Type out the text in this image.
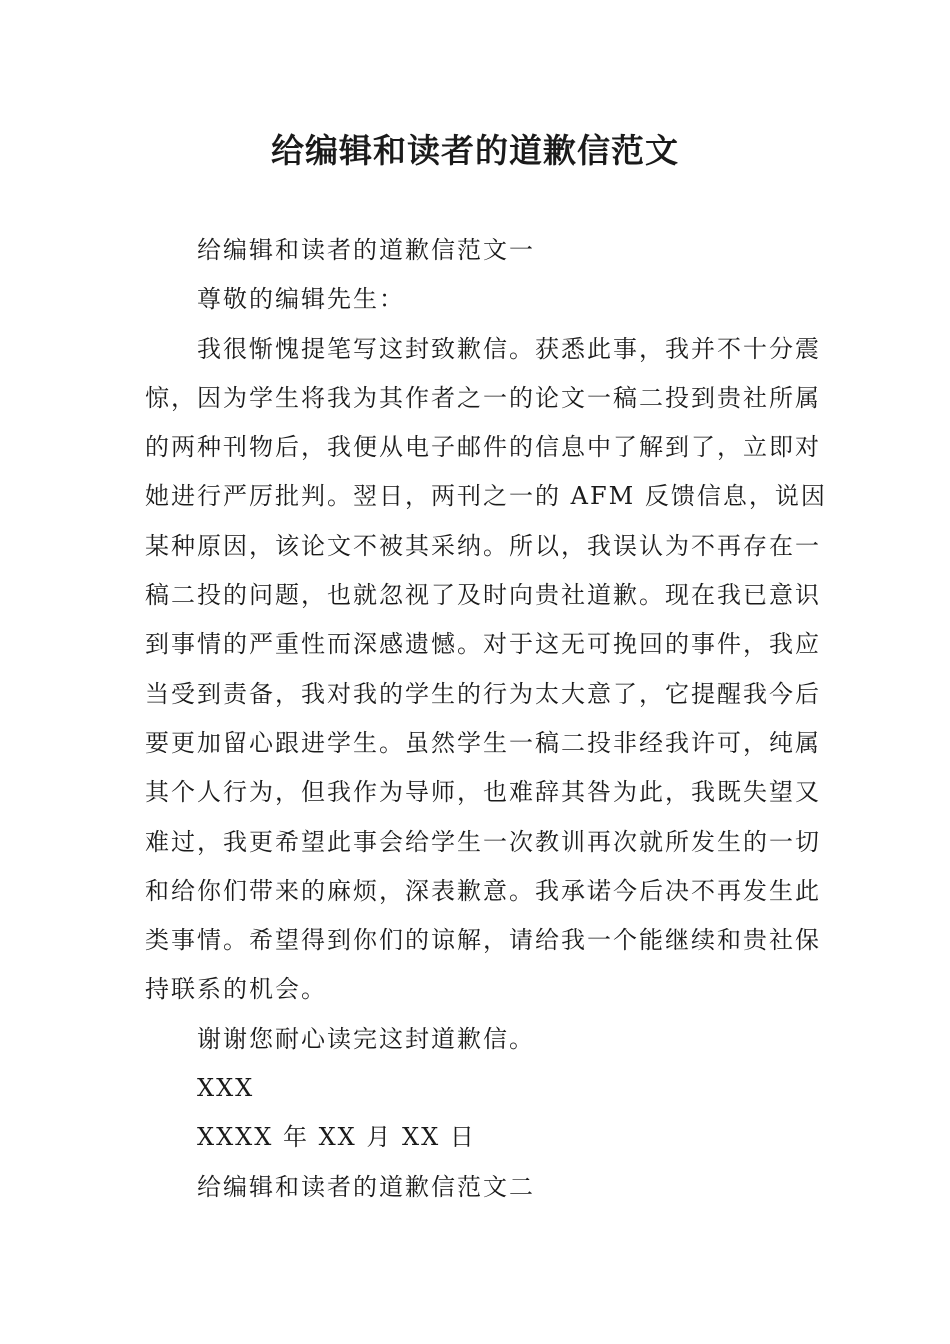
给编辑和读者的道歉信范文

给编辑和读者的道歉信范文一

尊敬的编辑先生：

我很惭愧提笔写这封致歉信。获悉此事，我并不十分震惊，因为学生将我为其作者之一的论文一稿二投到贵社所属的两种刊物后，我便从电子邮件的信息中了解到了，立即对她进行严厉批判。翌日，两刊之一的 AFM 反馈信息，说因某种原因，该论文不被其采纳。所以，我误认为不再存在一稿二投的问题，也就忽视了及时向贵社道歉。现在我已意识到事情的严重性而深感遗憾。对于这无可挽回的事件，我应当受到责备，我对我的学生的行为太大意了，它提醒我今后要更加留心跟进学生。虽然学生一稿二投非经我许可，纯属其个人行为，但我作为导师，也难辞其咎为此，我既失望又难过，我更希望此事会给学生一次教训再次就所发生的一切和给你们带来的麻烦，深表歉意。我承诺今后决不再发生此类事情。希望得到你们的谅解，请给我一个能继续和贵社保持联系的机会。

谢谢您耐心读完这封道歉信。

XXX

XXXX 年 XX 月 XX 日

给编辑和读者的道歉信范文二
